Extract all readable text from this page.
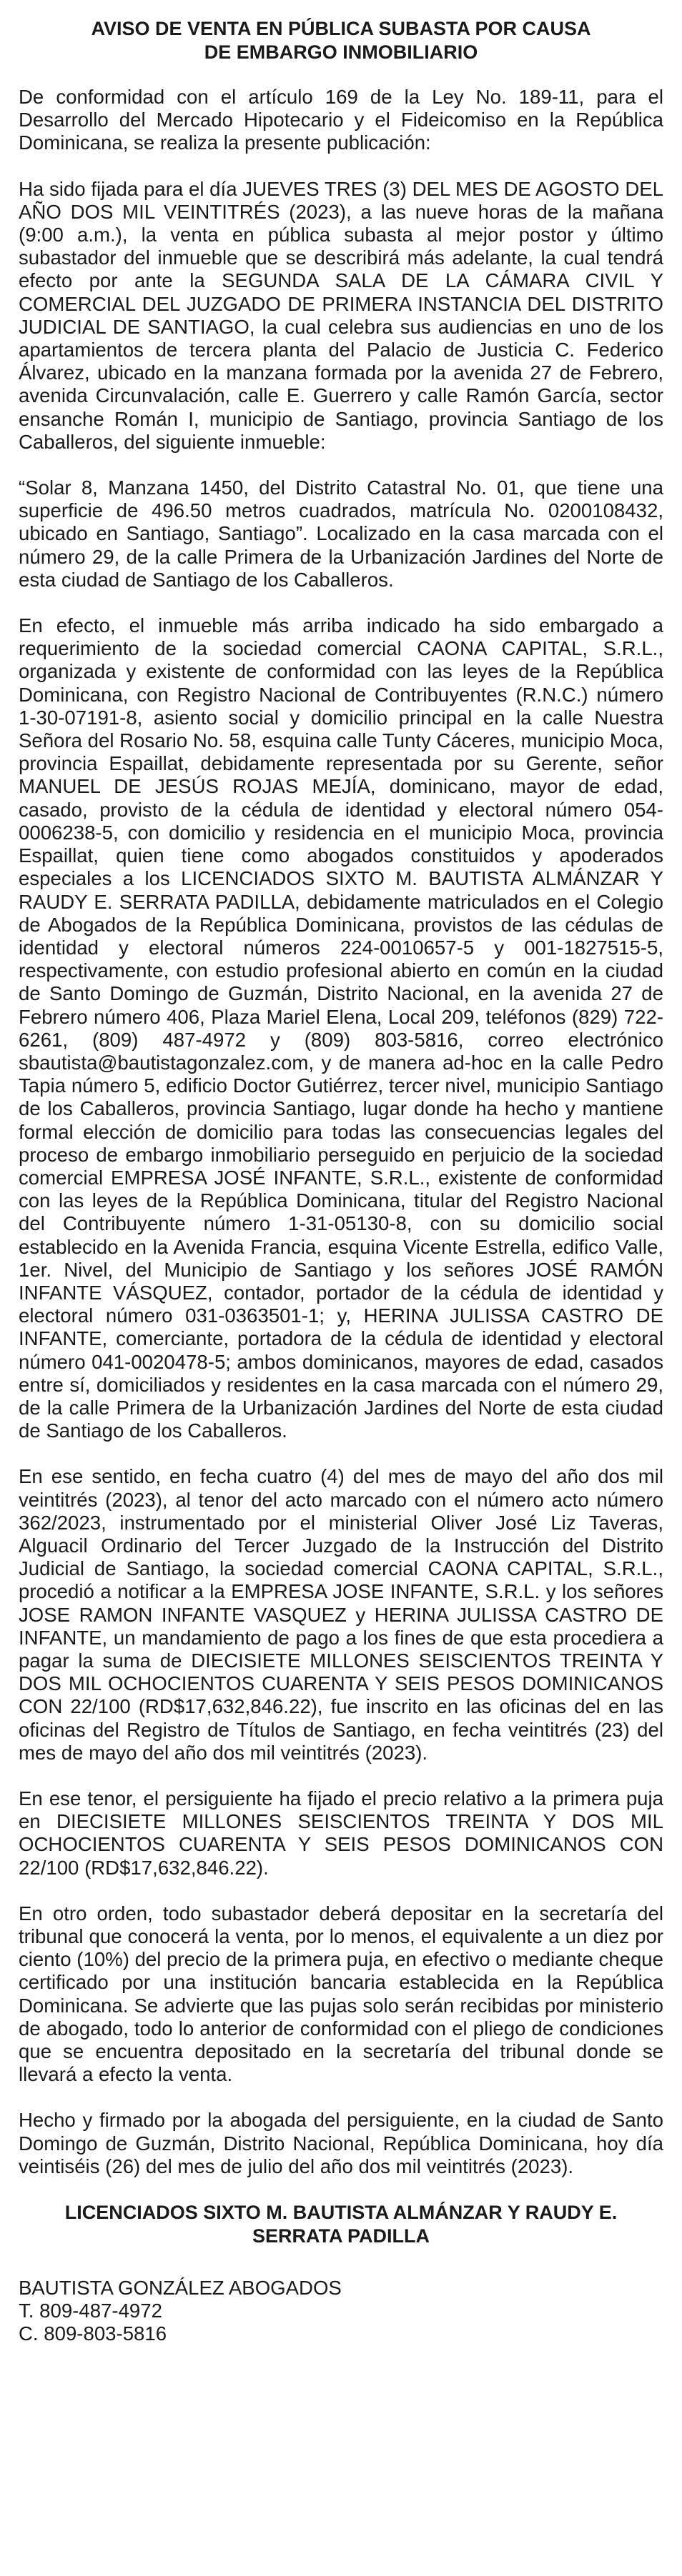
AVISO DE VENTA EN PÚBLICA SUBASTA POR CAUSA
DE EMBARGO INMOBILIARIO

De conformidad con el artículo 169 de la Ley No. 189-11, para el Desarrollo del Mercado Hipotecario y el Fideicomiso en la República Dominicana, se realiza la presente publicación:

Ha sido fijada para el día JUEVES TRES (3) DEL MES DE AGOSTO DEL AÑO DOS MIL VEINTITRÉS (2023), a las nueve horas de la mañana (9:00 a.m.), la venta en pública subasta al mejor postor y último subastador del inmueble que se describirá más adelante, la cual tendrá efecto por ante la SEGUNDA SALA DE LA CÁMARA CIVIL Y COMERCIAL DEL JUZGADO DE PRIMERA INSTANCIA DEL DISTRITO JUDICIAL DE SANTIAGO, la cual celebra sus audiencias en uno de los apartamientos de tercera planta del Palacio de Justicia C. Federico Álvarez, ubicado en la manzana formada por la avenida 27 de Febrero, avenida Circunvalación, calle E. Guerrero y calle Ramón García, sector ensanche Román I, municipio de Santiago, provincia Santiago de los Caballeros, del siguiente inmueble:

“Solar 8, Manzana 1450, del Distrito Catastral No. 01, que tiene una superficie de 496.50 metros cuadrados, matrícula No. 0200108432, ubicado en Santiago, Santiago”. Localizado en la casa marcada con el número 29, de la calle Primera de la Urbanización Jardines del Norte de esta ciudad de Santiago de los Caballeros.

En efecto, el inmueble más arriba indicado ha sido embargado a requerimiento de la sociedad comercial CAONA CAPITAL, S.R.L., organizada y existente de conformidad con las leyes de la República Dominicana, con Registro Nacional de Contribuyentes (R.N.C.) número 1-30-07191-8, asiento social y domicilio principal en la calle Nuestra Señora del Rosario No. 58, esquina calle Tunty Cáceres, municipio Moca, provincia Espaillat, debidamente representada por su Gerente, señor MANUEL DE JESÚS ROJAS MEJÍA, dominicano, mayor de edad, casado, provisto de la cédula de identidad y electoral número 054-0006238-5, con domicilio y residencia en el municipio Moca, provincia Espaillat, quien tiene como abogados constituidos y apoderados especiales a los LICENCIADOS SIXTO M. BAUTISTA ALMÁNZAR Y RAUDY E. SERRATA PADILLA, debidamente matriculados en el Colegio de Abogados de la República Dominicana, provistos de las cédulas de identidad y electoral números 224-0010657-5 y 001-1827515-5, respectivamente, con estudio profesional abierto en común en la ciudad de Santo Domingo de Guzmán, Distrito Nacional, en la avenida 27 de Febrero número 406, Plaza Mariel Elena, Local 209, teléfonos (829) 722-6261, (809) 487-4972 y (809) 803-5816, correo electrónico sbautista@bautistagonzalez.com, y de manera ad-hoc en la calle Pedro Tapia número 5, edificio Doctor Gutiérrez, tercer nivel, municipio Santiago de los Caballeros, provincia Santiago, lugar donde ha hecho y mantiene formal elección de domicilio para todas las consecuencias legales del proceso de embargo inmobiliario perseguido en perjuicio de la sociedad comercial EMPRESA JOSÉ INFANTE, S.R.L., existente de conformidad con las leyes de la República Dominicana, titular del Registro Nacional del Contribuyente número 1-31-05130-8, con su domicilio social establecido en la Avenida Francia, esquina Vicente Estrella, edifico Valle, 1er. Nivel, del Municipio de Santiago y los señores JOSÉ RAMÓN INFANTE VÁSQUEZ, contador, portador de la cédula de identidad y electoral número 031-0363501-1; y, HERINA JULISSA CASTRO DE INFANTE, comerciante, portadora de la cédula de identidad y electoral número 041-0020478-5; ambos dominicanos, mayores de edad, casados entre sí, domiciliados y residentes en la casa marcada con el número 29, de la calle Primera de la Urbanización Jardines del Norte de esta ciudad de Santiago de los Caballeros.

En ese sentido, en fecha cuatro (4) del mes de mayo del año dos mil veintitrés (2023), al tenor del acto marcado con el número acto número 362/2023, instrumentado por el ministerial Oliver José Liz Taveras, Alguacil Ordinario del Tercer Juzgado de la Instrucción del Distrito Judicial de Santiago, la sociedad comercial CAONA CAPITAL, S.R.L., procedió a notificar a la EMPRESA JOSE INFANTE, S.R.L. y los señores JOSE RAMON INFANTE VASQUEZ y HERINA JULISSA CASTRO DE INFANTE, un mandamiento de pago a los fines de que esta procediera a pagar la suma de DIECISIETE MILLONES SEISCIENTOS TREINTA Y DOS MIL OCHOCIENTOS CUARENTA Y SEIS PESOS DOMINICANOS CON 22/100 (RD$17,632,846.22), fue inscrito en las oficinas del en las oficinas del Registro de Títulos de Santiago, en fecha veintitrés (23) del mes de mayo del año dos mil veintitrés (2023).

En ese tenor, el persiguiente ha fijado el precio relativo a la primera puja en DIECISIETE MILLONES SEISCIENTOS TREINTA Y DOS MIL OCHOCIENTOS CUARENTA Y SEIS PESOS DOMINICANOS CON 22/100 (RD$17,632,846.22).

En otro orden, todo subastador deberá depositar en la secretaría del tribunal que conocerá la venta, por lo menos, el equivalente a un diez por ciento (10%) del precio de la primera puja, en efectivo o mediante cheque certificado por una institución bancaria establecida en la República Dominicana. Se advierte que las pujas solo serán recibidas por ministerio de abogado, todo lo anterior de conformidad con el pliego de condiciones que se encuentra depositado en la secretaría del tribunal donde se llevará a efecto la venta.

Hecho y firmado por la abogada del persiguiente, en la ciudad de Santo Domingo de Guzmán, Distrito Nacional, República Dominicana, hoy día veintiséis (26) del mes de julio del año dos mil veintitrés (2023).

LICENCIADOS SIXTO M. BAUTISTA ALMÁNZAR Y RAUDY E.
SERRATA PADILLA
BAUTISTA GONZÁLEZ ABOGADOS
T. 809-487-4972
C. 809-803-5816
